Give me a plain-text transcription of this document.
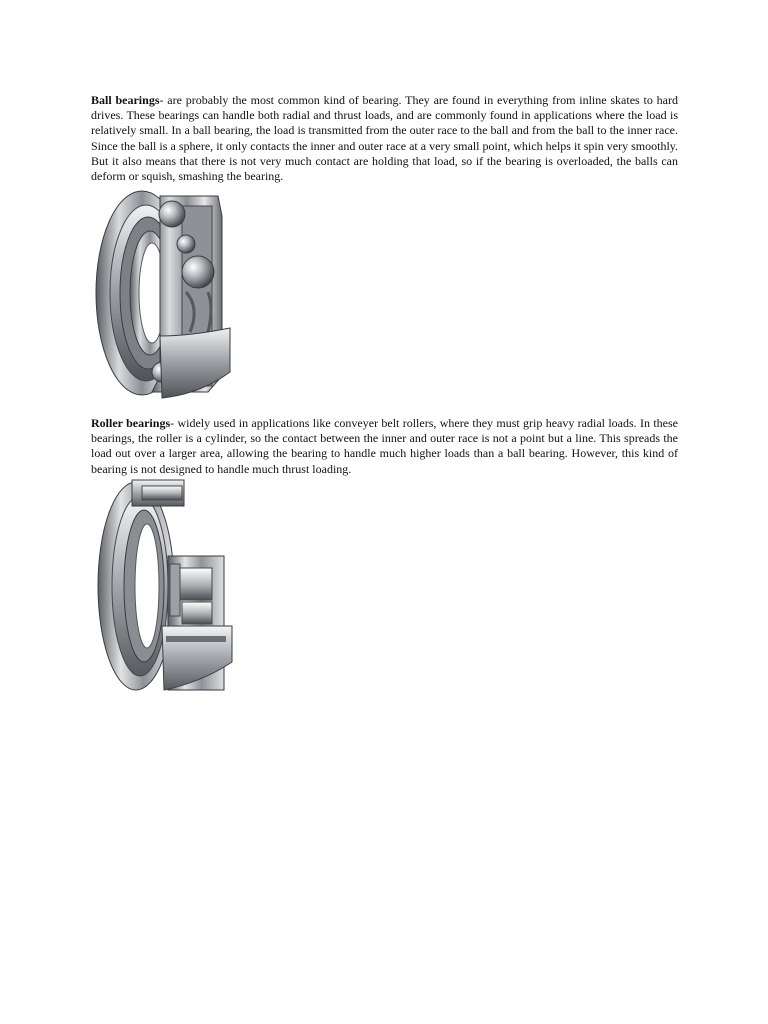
Ball bearings- are probably the most common kind of bearing. They are found in everything from inline skates to hard drives. These bearings can handle both radial and thrust loads, and are commonly found in applications where the load is relatively small. In a ball bearing, the load is transmitted from the outer race to the ball and from the ball to the inner race. Since the ball is a sphere, it only contacts the inner and outer race at a very small point, which helps it spin very smoothly. But it also means that there is not very much contact are holding that load, so if the bearing is overloaded, the balls can deform or squish, smashing the bearing.

Roller bearings- widely used in applications like conveyer belt rollers, where they must grip heavy radial loads. In these bearings, the roller is a cylinder, so the contact between the inner and outer race is not a point but a line. This spreads the load out over a larger area, allowing the bearing to handle much higher loads than a ball bearing. However, this kind of bearing is not designed to handle much thrust loading.
